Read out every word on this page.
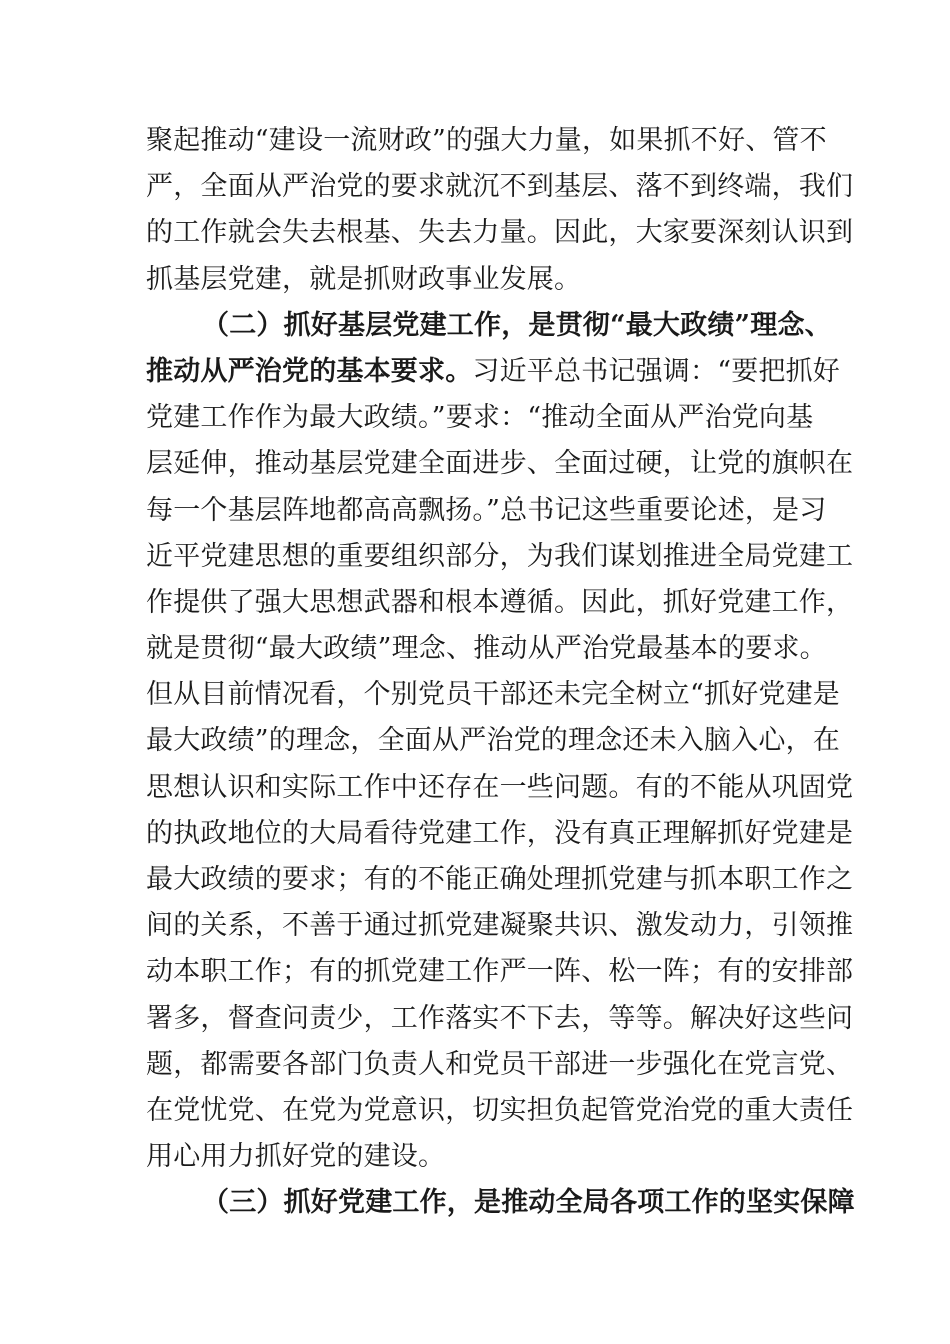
聚起推动“建设一流财政”的强大力量，如果抓不好、管不
严，全面从严治党的要求就沉不到基层、落不到终端，我们
的工作就会失去根基、失去力量。因此，大家要深刻认识到
抓基层党建，就是抓财政事业发展。
（二）抓好基层党建工作，是贯彻“最大政绩”理念、
推动从严治党的基本要求。习近平总书记强调：“要把抓好
党建工作作为最大政绩。”要求：“推动全面从严治党向基
层延伸，推动基层党建全面进步、全面过硬，让党的旗帜在
每一个基层阵地都高高飘扬。”总书记这些重要论述，是习
近平党建思想的重要组织部分，为我们谋划推进全局党建工
作提供了强大思想武器和根本遵循。因此，抓好党建工作，
就是贯彻“最大政绩”理念、推动从严治党最基本的要求。
但从目前情况看，个别党员干部还未完全树立“抓好党建是
最大政绩”的理念，全面从严治党的理念还未入脑入心，在
思想认识和实际工作中还存在一些问题。有的不能从巩固党
的执政地位的大局看待党建工作，没有真正理解抓好党建是
最大政绩的要求；有的不能正确处理抓党建与抓本职工作之
间的关系，不善于通过抓党建凝聚共识、激发动力，引领推
动本职工作；有的抓党建工作严一阵、松一阵；有的安排部
署多，督查问责少，工作落实不下去，等等。解决好这些问
题，都需要各部门负责人和党员干部进一步强化在党言党、
在党忧党、在党为党意识，切实担负起管党治党的重大责任
用心用力抓好党的建设。
（三）抓好党建工作，是推动全局各项工作的坚实保障
